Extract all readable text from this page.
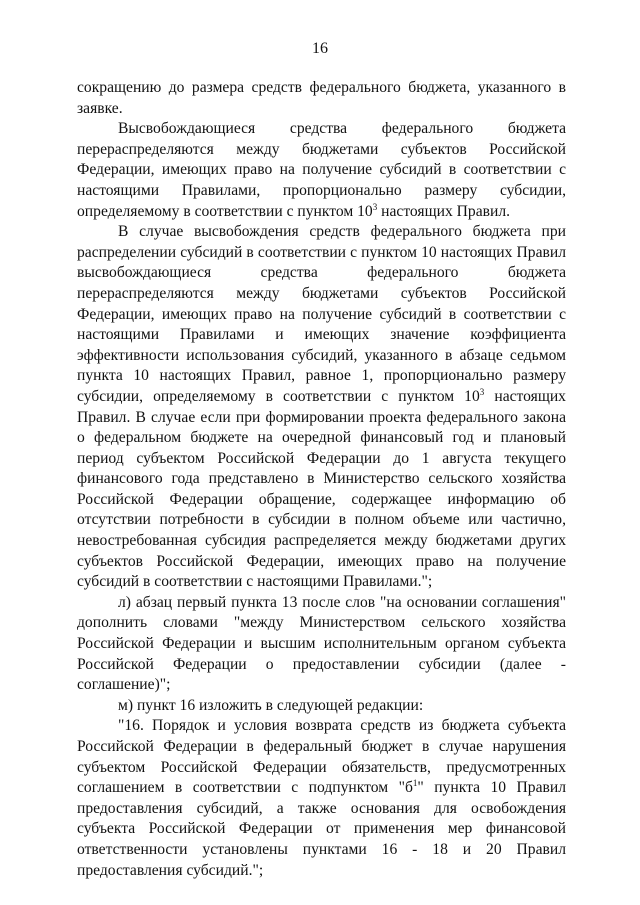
16

сокращению до размера средств федерального бюджета, указанного в заявке.

Высвобождающиеся средства федерального бюджета перераспределяются между бюджетами субъектов Российской Федерации, имеющих право на получение субсидий в соответствии с настоящими Правилами, пропорционально размеру субсидии, определяемому в соответствии с пунктом $10^3$ настоящих Правил.

В случае высвобождения средств федерального бюджета при распределении субсидий в соответствии с пунктом 10 настоящих Правил высвобождающиеся средства федерального бюджета перераспределяются между бюджетами субъектов Российской Федерации, имеющих право на получение субсидий в соответствии с настоящими Правилами и имеющих значение коэффициента эффективности использования субсидий, указанного в абзаце седьмом пункта 10 настоящих Правил, равное 1, пропорционально размеру субсидии, определяемому в соответствии с пунктом $10^3$ настоящих Правил. В случае если при формировании проекта федерального закона о федеральном бюджете на очередной финансовый год и плановый период субъектом Российской Федерации до 1 августа текущего финансового года представлено в Министерство сельского хозяйства Российской Федерации обращение, содержащее информацию об отсутствии потребности в субсидии в полном объеме или частично, невостребованная субсидия распределяется между бюджетами других субъектов Российской Федерации, имеющих право на получение субсидий в соответствии с настоящими Правилами.";

л) абзац первый пункта 13 после слов "на основании соглашения" дополнить словами "между Министерством сельского хозяйства Российской Федерации и высшим исполнительным органом субъекта Российской Федерации о предоставлении субсидии (далее - соглашение)";

м) пункт 16 изложить в следующей редакции:

"16. Порядок и условия возврата средств из бюджета субъекта Российской Федерации в федеральный бюджет в случае нарушения субъектом Российской Федерации обязательств, предусмотренных соглашением в соответствии с подпунктом "$б^1$" пункта 10 Правил предоставления субсидий, а также основания для освобождения субъекта Российской Федерации от применения мер финансовой ответственности установлены пунктами 16 - 18 и 20 Правил предоставления субсидий.";
